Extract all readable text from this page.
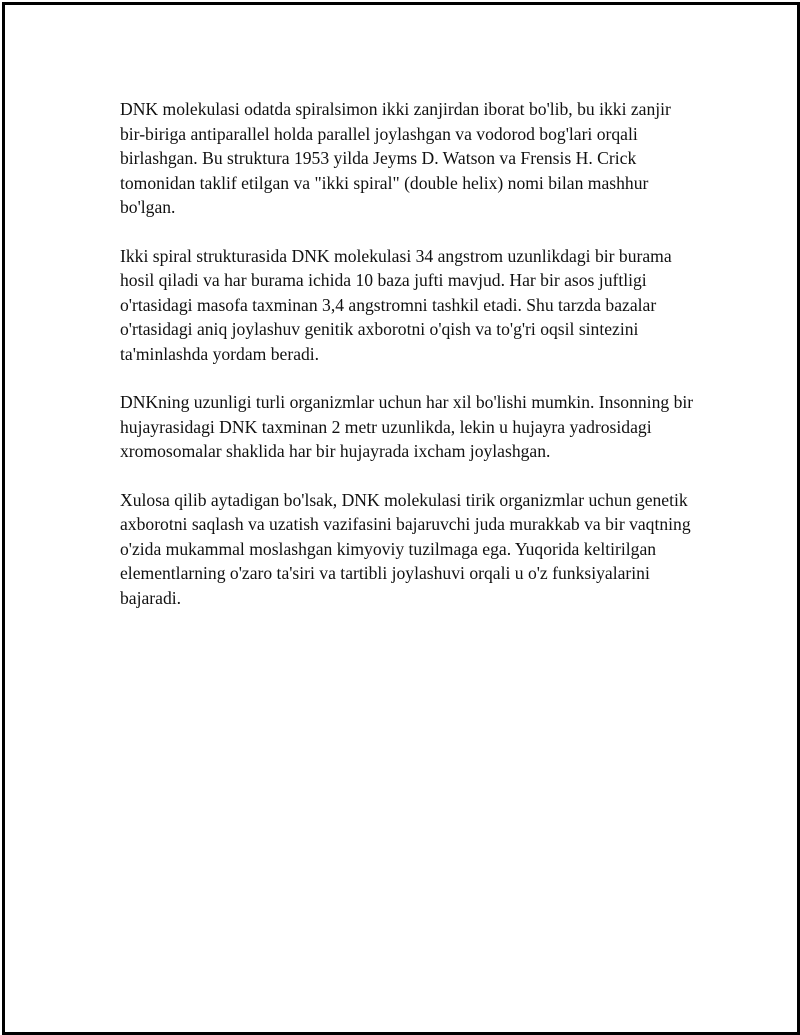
DNK molekulasi odatda spiralsimon ikki zanjirdan iborat bo'lib, bu ikki zanjir bir-biriga antiparallel holda parallel joylashgan va vodorod bog'lari orqali birlashgan. Bu struktura 1953 yilda Jeyms D. Watson va Frensis H. Crick tomonidan taklif etilgan va "ikki spiral" (double helix) nomi bilan mashhur bo'lgan.

Ikki spiral strukturasida DNK molekulasi 34 angstrom uzunlikdagi bir burama hosil qiladi va har burama ichida 10 baza jufti mavjud. Har bir asos juftligi o'rtasidagi masofa taxminan 3,4 angstromni tashkil etadi. Shu tarzda bazalar o'rtasidagi aniq joylashuv genitik axborotni o'qish va to'g'ri oqsil sintezini ta'minlashda yordam beradi.

DNKning uzunligi turli organizmlar uchun har xil bo'lishi mumkin. Insonning bir hujayrasidagi DNK taxminan 2 metr uzunlikda, lekin u hujayra yadrosidagi xromosomalar shaklida har bir hujayrada ixcham joylashgan.

Xulosa qilib aytadigan bo'lsak, DNK molekulasi tirik organizmlar uchun genetik axborotni saqlash va uzatish vazifasini bajaruvchi juda murakkab va bir vaqtning o'zida mukammal moslashgan kimyoviy tuzilmaga ega. Yuqorida keltirilgan elementlarning o'zaro ta'siri va tartibli joylashuvi orqali u o'z funksiyalarini bajaradi.
